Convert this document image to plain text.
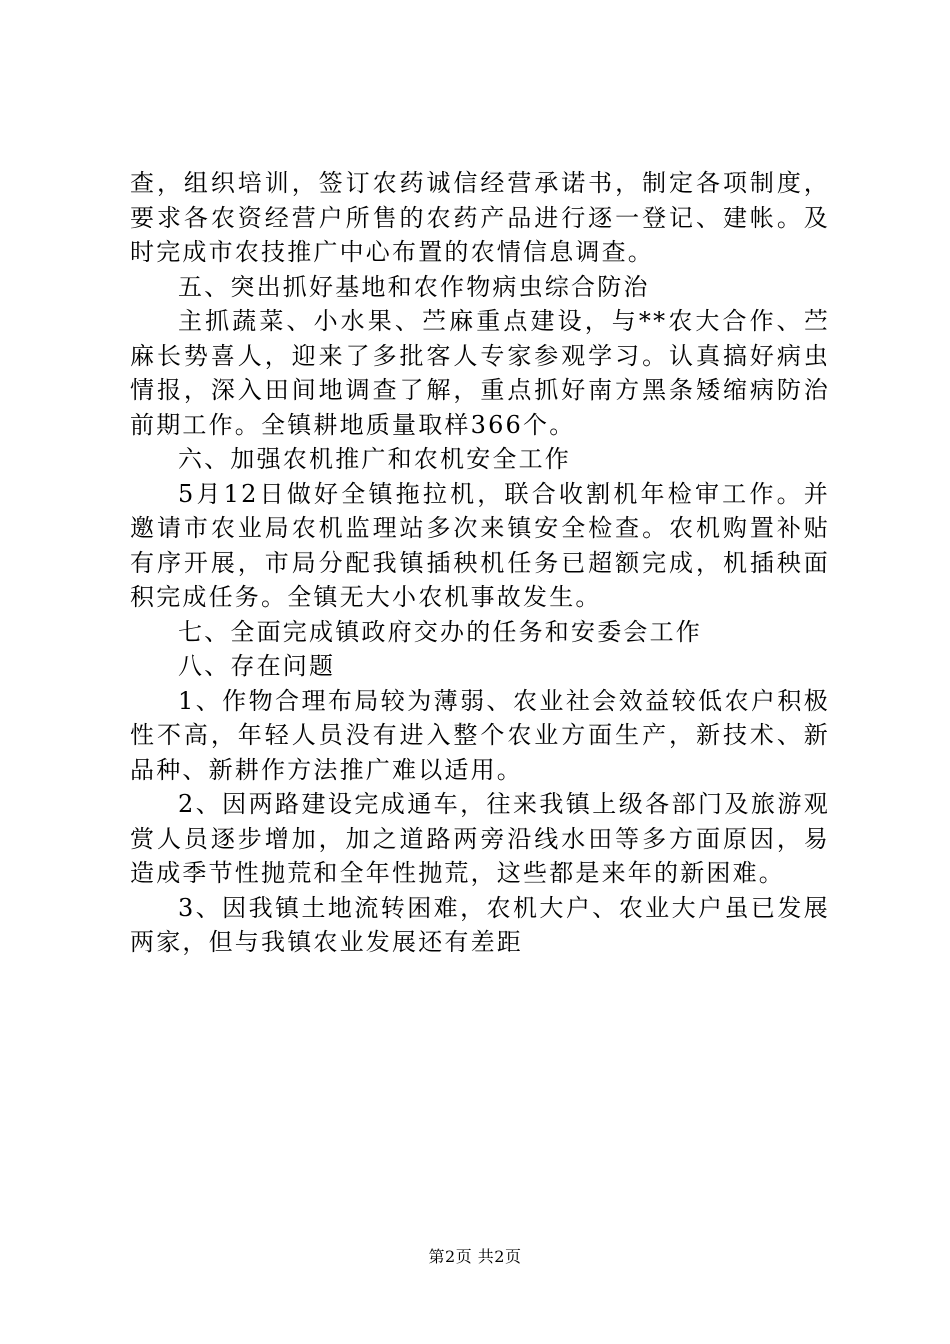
查，组织培训，签订农药诚信经营承诺书，制定各项制度，要求各农资经营户所售的农药产品进行逐一登记、建帐。及时完成市农技推广中心布置的农情信息调查。

五、突出抓好基地和农作物病虫综合防治

主抓蔬菜、小水果、苎麻重点建设，与**农大合作、苎麻长势喜人，迎来了多批客人专家参观学习。认真搞好病虫情报，深入田间地调查了解，重点抓好南方黑条矮缩病防治前期工作。全镇耕地质量取样366个。

六、加强农机推广和农机安全工作

5月12日做好全镇拖拉机，联合收割机年检审工作。并邀请市农业局农机监理站多次来镇安全检查。农机购置补贴有序开展，市局分配我镇插秧机任务已超额完成，机插秧面积完成任务。全镇无大小农机事故发生。

七、全面完成镇政府交办的任务和安委会工作

八、存在问题

1、作物合理布局较为薄弱、农业社会效益较低农户积极性不高，年轻人员没有进入整个农业方面生产，新技术、新品种、新耕作方法推广难以适用。

2、因两路建设完成通车，往来我镇上级各部门及旅游观赏人员逐步增加，加之道路两旁沿线水田等多方面原因，易造成季节性抛荒和全年性抛荒，这些都是来年的新困难。

3、因我镇土地流转困难，农机大户、农业大户虽已发展两家，但与我镇农业发展还有差距

第2页 共2页
